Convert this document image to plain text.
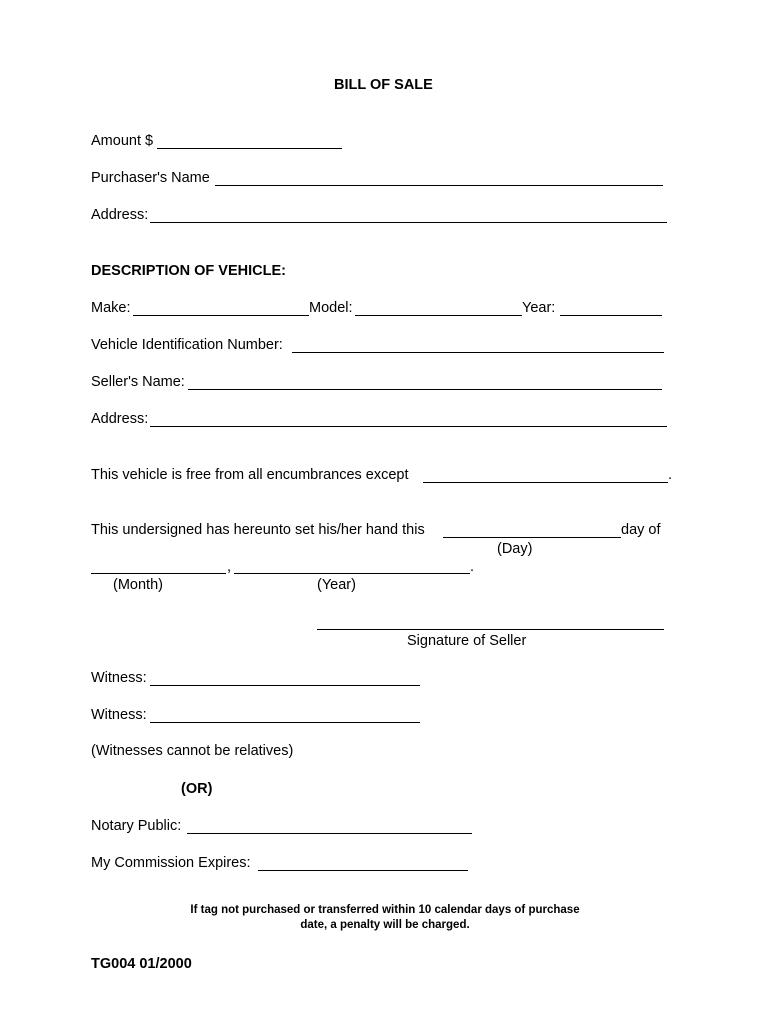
BILL OF SALE
Amount $
Purchaser's Name
Address:
DESCRIPTION OF VEHICLE:
Make:	Model:	Year:
Vehicle Identification Number:
Seller's Name:
Address:
This vehicle is free from all encumbrances except	.
This undersigned has hereunto set his/her hand this	day of
(Day)
,	.
(Month)	(Year)
Signature of Seller
Witness:
Witness:
(Witnesses cannot be relatives)
(OR)
Notary Public:
My Commission Expires:
If tag not purchased or transferred within 10 calendar days of purchase
date, a penalty will be charged.
TG004 01/2000
